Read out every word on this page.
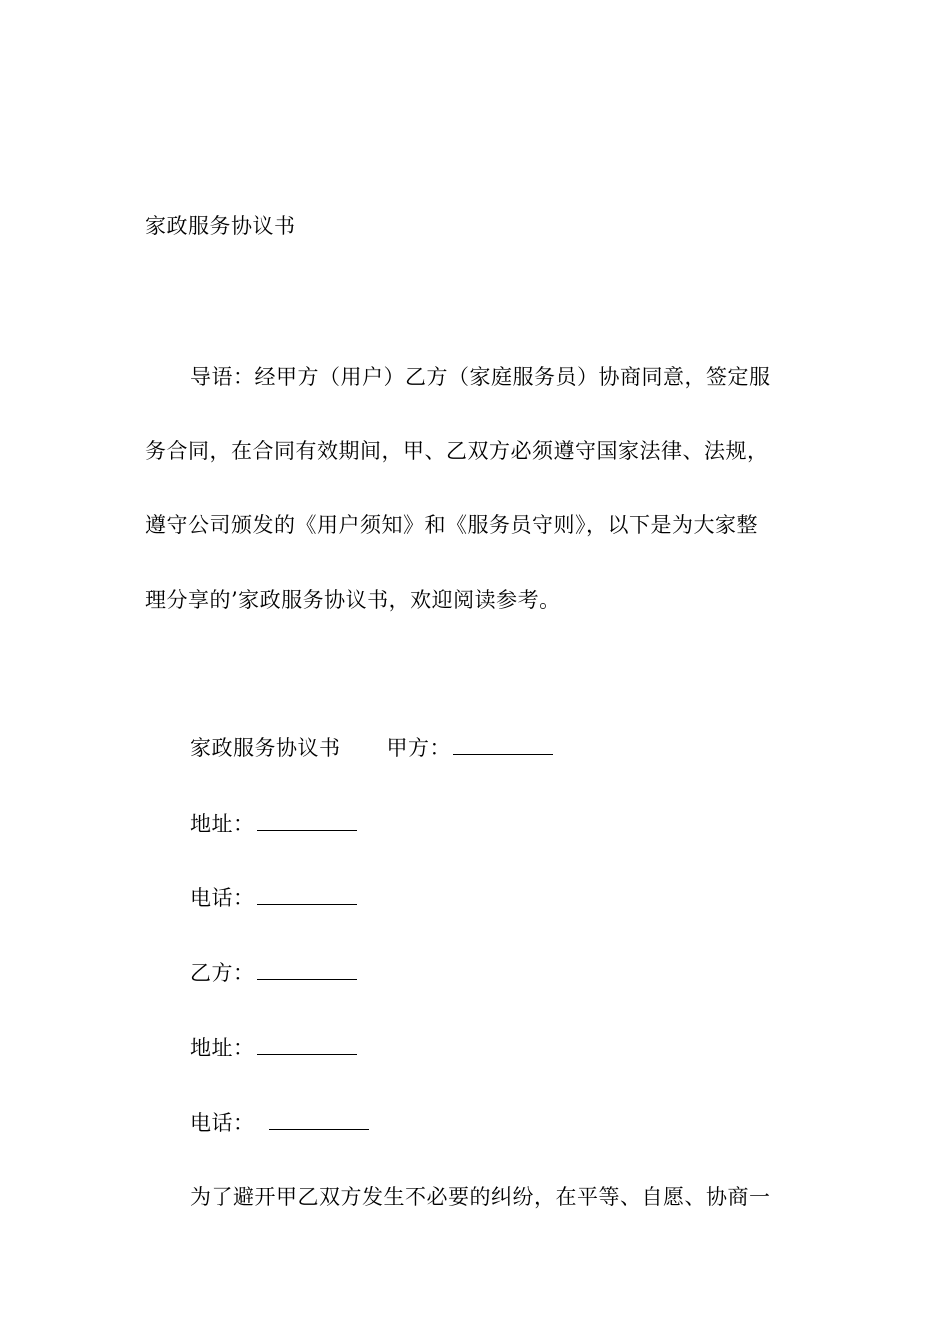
家政服务协议书
导语：经甲方（用户）乙方（家庭服务员）协商同意，签定服
务合同，在合同有效期间，甲、乙双方必须遵守国家法律、法规，
遵守公司颁发的《用户须知》和《服务员守则》，以下是为大家整
理分享的’家政服务协议书，欢迎阅读参考。
家政服务协议书 甲方：
地址：
电话：
乙方：
地址：
电话：
为了避开甲乙双方发生不必要的纠纷，在平等、自愿、协商一
